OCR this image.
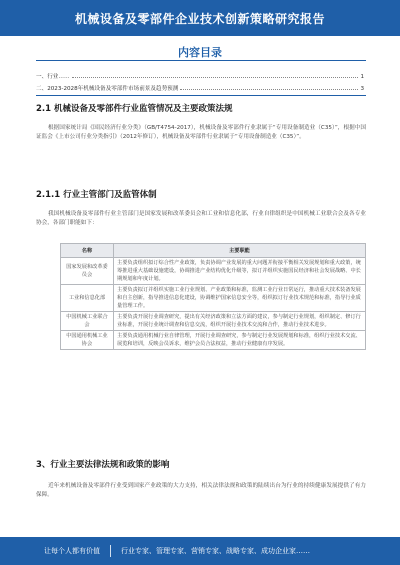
机械设备及零部件企业技术创新策略研究报告
内容目录
一、行业……	1
二、2023-2028年机械设备及零部件市场前景及趋势预测	3
2.1 机械设备及零部件行业监管情况及主要政策法规
根据国家统计局《国民经济行业分类》（GB/T4754-2017），机械设备及零部件行业隶属于“专用设备制造业（C35）”，根据中国证监会《上市公司行业分类指引》（2012年修订），机械设备及零部件行业隶属于“专用设备制造业（C35）”。
2.1.1 行业主管部门及监管体制
我国机械设备及零部件行业主管部门是国家发展和改革委员会和工业和信息化部，行业自律组织是中国机械工业联合会及各专业协会，各部门职能如下：
名称	主要职能
国家发展和改革委员会	主要负责组织拟订综合性产业政策，负责协调产业发展的重大问题并衔接平衡相关发展规划和重大政策，统筹推进重大基础设施建设，协调推进产业结构优化升级等，拟订并组织实施国民经济和社会发展战略、中长期规划和年度计划。
工业和信息化部	主要负责拟订并组织实施工业行业规划、产业政策和标准，监测工业行业日常运行，推动重大技术装备发展和自主创新，指导推进信息化建设，协调维护国家信息安全等，组织拟订行业技术规范和标准，指导行业质量管理工作。
中国机械工业联合会	主要负责开展行业调查研究，提出有关经济政策和立法方面的建议，参与制定行业规划，组织制定、修订行业标准，开展行业统计调查和信息交流，组织开展行业技术交流和合作，推动行业技术进步。
中国通用机械工业协会	主要负责通用机械行业自律管理，开展行业调查研究，参与制定行业发展规划和标准，组织行业技术交流、展览和培训，反映会员诉求，维护会员合法权益，推动行业健康有序发展。
3、行业主要法律法规和政策的影响
近年来机械设备及零部件行业受到国家产业政策的大力支持，相关法律法规和政策的陆续出台为行业的持续健康发展提供了有力保障。
让每个人都有价值	行业专家、管理专家、营销专家、战略专家、成功企业家……
